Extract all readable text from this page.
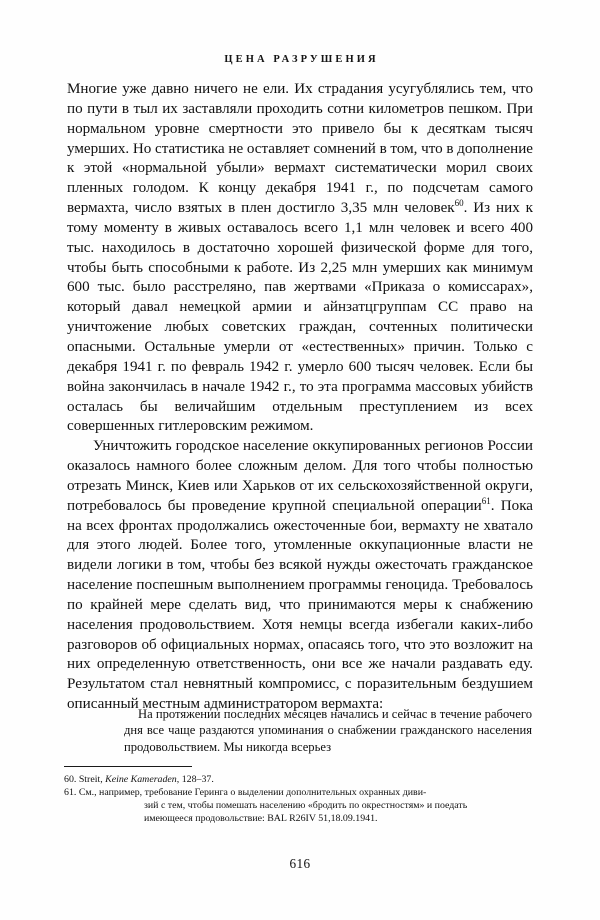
ЦЕНА РАЗРУШЕНИЯ

Многие уже давно ничего не ели. Их страдания усугублялись тем, что по пути в тыл их заставляли проходить сотни километров пешком. При нормальном уровне смертности это привело бы к десяткам тысяч умерших. Но статистика не оставляет сомнений в том, что в дополнение к этой «нормальной убыли» вермахт систематически морил своих пленных голодом. К концу декабря 1941 г., по подсчетам самого вермахта, число взятых в плен достигло 3,35 млн человек$^{60}$. Из них к тому моменту в живых оставалось всего 1,1 млн человек и всего 400 тыс. находилось в достаточно хорошей физической форме для того, чтобы быть способными к работе. Из 2,25 млн умерших как минимум 600 тыс. было расстреляно, пав жертвами «Приказа о комиссарах», который давал немецкой армии и айнзатцгруппам СС право на уничтожение любых советских граждан, сочтенных политически опасными. Остальные умерли от «естественных» причин. Только с декабря 1941 г. по февраль 1942 г. умерло 600 тысяч человек. Если бы война закончилась в начале 1942 г., то эта программа массовых убийств осталась бы величайшим отдельным преступлением из всех совершенных гитлеровским режимом.

Уничтожить городское население оккупированных регионов России оказалось намного более сложным делом. Для того чтобы полностью отрезать Минск, Киев или Харьков от их сельскохозяйственной округи, потребовалось бы проведение крупной специальной операции$^{61}$. Пока на всех фронтах продолжались ожесточенные бои, вермахту не хватало для этого людей. Более того, утомленные оккупационные власти не видели логики в том, чтобы без всякой нужды ожесточать гражданское население поспешным выполнением программы геноцида. Требовалось по крайней мере сделать вид, что принимаются меры к снабжению населения продовольствием. Хотя немцы всегда избегали каких-либо разговоров об официальных нормах, опасаясь того, что это возложит на них определенную ответственность, они все же начали раздавать еду. Результатом стал невнятный компромисс, с поразительным бездушием описанный местным администратором вермахта:

На протяжении последних месяцев начались и сейчас в течение рабочего дня все чаще раздаются упоминания о снабжении гражданского населения продовольствием. Мы никогда всерьез

60. Streit, Keine Kameraden, 128–37.

61. См., например, требование Геринга о выделении дополнительных охранных диви-
зий с тем, чтобы помешать населению «бродить по окрестностям» и поедать
имеющееся продовольствие: BAL R26IV 51,18.09.1941.

616
